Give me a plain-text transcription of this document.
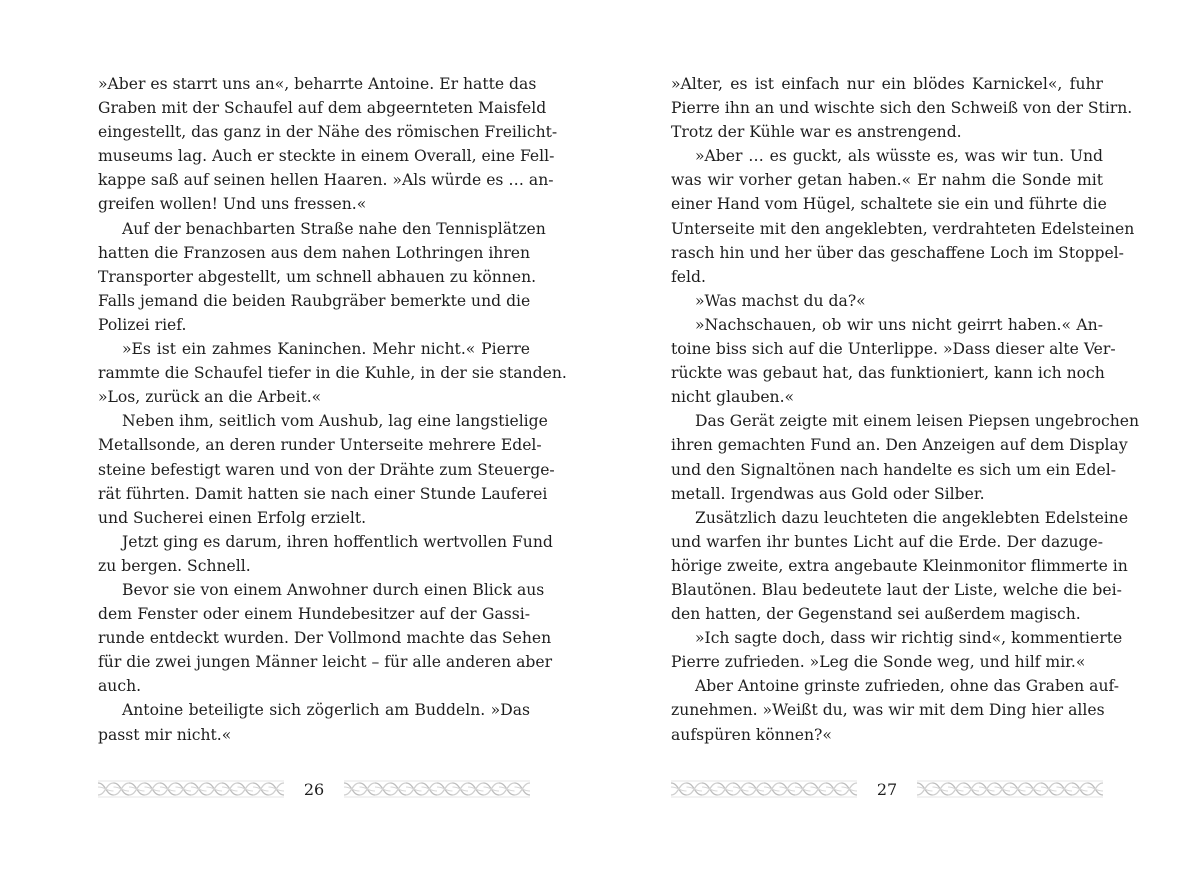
»Aber es starrt uns an«, beharrte Antoine. Er hatte das
Graben mit der Schaufel auf dem abgeernteten Maisfeld
eingestellt, das ganz in der Nähe des römischen Freilicht-
museums lag. Auch er steckte in einem Overall, eine Fell-
kappe saß auf seinen hellen Haaren. »Als würde es … an-
greifen wollen! Und uns fressen.«
Auf der benachbarten Straße nahe den Tennisplätzen
hatten die Franzosen aus dem nahen Lothringen ihren
Transporter abgestellt, um schnell abhauen zu können.
Falls jemand die beiden Raubgräber bemerkte und die
Polizei rief.
»Es ist ein zahmes Kaninchen. Mehr nicht.« Pierre
rammte die Schaufel tiefer in die Kuhle, in der sie standen.
»Los, zurück an die Arbeit.«
Neben ihm, seitlich vom Aushub, lag eine langstielige
Metallsonde, an deren runder Unterseite mehrere Edel-
steine befestigt waren und von der Drähte zum Steuerge-
rät führten. Damit hatten sie nach einer Stunde Lauferei
und Sucherei einen Erfolg erzielt.
Jetzt ging es darum, ihren hoffentlich wertvollen Fund
zu bergen. Schnell.
Bevor sie von einem Anwohner durch einen Blick aus
dem Fenster oder einem Hundebesitzer auf der Gassi-
runde entdeckt wurden. Der Vollmond machte das Sehen
für die zwei jungen Männer leicht – für alle anderen aber
auch.
Antoine beteiligte sich zögerlich am Buddeln. »Das
passt mir nicht.«
»Alter, es ist einfach nur ein blödes Karnickel«, fuhr
Pierre ihn an und wischte sich den Schweiß von der Stirn.
Trotz der Kühle war es anstrengend.
»Aber … es guckt, als wüsste es, was wir tun. Und
was wir vorher getan haben.« Er nahm die Sonde mit
einer Hand vom Hügel, schaltete sie ein und führte die
Unterseite mit den angeklebten, verdrahteten Edelsteinen
rasch hin und her über das geschaffene Loch im Stoppel-
feld.
»Was machst du da?«
»Nachschauen, ob wir uns nicht geirrt haben.« An-
toine biss sich auf die Unterlippe. »Dass dieser alte Ver-
rückte was gebaut hat, das funktioniert, kann ich noch
nicht glauben.«
Das Gerät zeigte mit einem leisen Piepsen ungebrochen
ihren gemachten Fund an. Den Anzeigen auf dem Display
und den Signaltönen nach handelte es sich um ein Edel-
metall. Irgendwas aus Gold oder Silber.
Zusätzlich dazu leuchteten die angeklebten Edelsteine
und warfen ihr buntes Licht auf die Erde. Der dazuge-
hörige zweite, extra angebaute Kleinmonitor flimmerte in
Blautönen. Blau bedeutete laut der Liste, welche die bei-
den hatten, der Gegenstand sei außerdem magisch.
»Ich sagte doch, dass wir richtig sind«, kommentierte
Pierre zufrieden. »Leg die Sonde weg, und hilf mir.«
Aber Antoine grinste zufrieden, ohne das Graben auf-
zunehmen. »Weißt du, was wir mit dem Ding hier alles
aufspüren können?«
26	27
